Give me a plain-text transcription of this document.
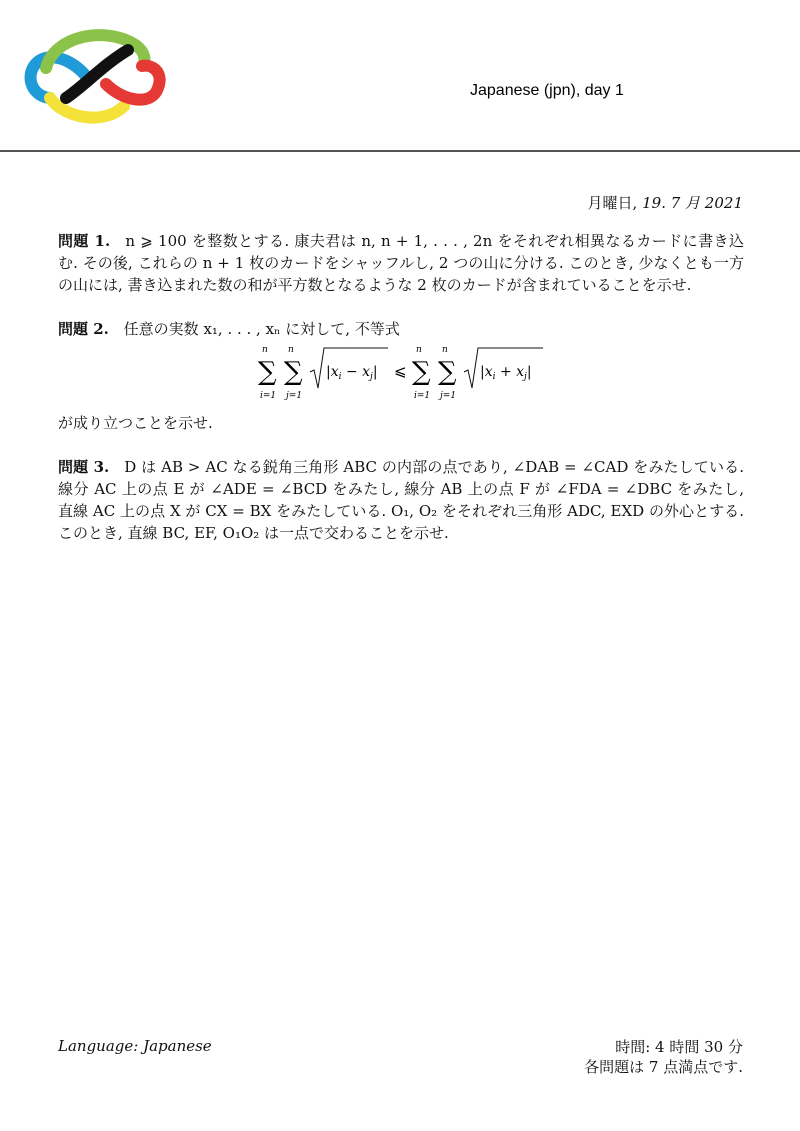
Japanese (jpn), day 1
月曜日, 19. 7 月 2021

問題 1. n ⩾ 100 を整数とする. 康夫君は n, n + 1, . . . , 2n をそれぞれ相異なるカードに書き込む. その後, これらの n + 1 枚のカードをシャッフルし, 2 つの山に分ける. このとき, 少なくとも一方の山には, 書き込まれた数の和が平方数となるような 2 枚のカードが含まれていることを示せ.

問題 2. 任意の実数 x₁, . . . , xₙ に対して, 不等式

n
∑
i=1
n
∑
j=1
$|x_i - x_j|$ ⩽
n
∑
i=1
n
∑
j=1
$|x_i + x_j|$

が成り立つことを示せ.

問題 3. D は AB > AC なる鋭角三角形 ABC の内部の点であり, ∠DAB = ∠CAD をみたしている. 線分 AC 上の点 E が ∠ADE = ∠BCD をみたし, 線分 AB 上の点 F が ∠FDA = ∠DBC をみたし, 直線 AC 上の点 X が CX = BX をみたしている. O₁, O₂ をそれぞれ三角形 ADC, EXD の外心とする. このとき, 直線 BC, EF, O₁O₂ は一点で交わることを示せ.

Language: Japanese	時間: 4 時間 30 分
各問題は 7 点満点です.
